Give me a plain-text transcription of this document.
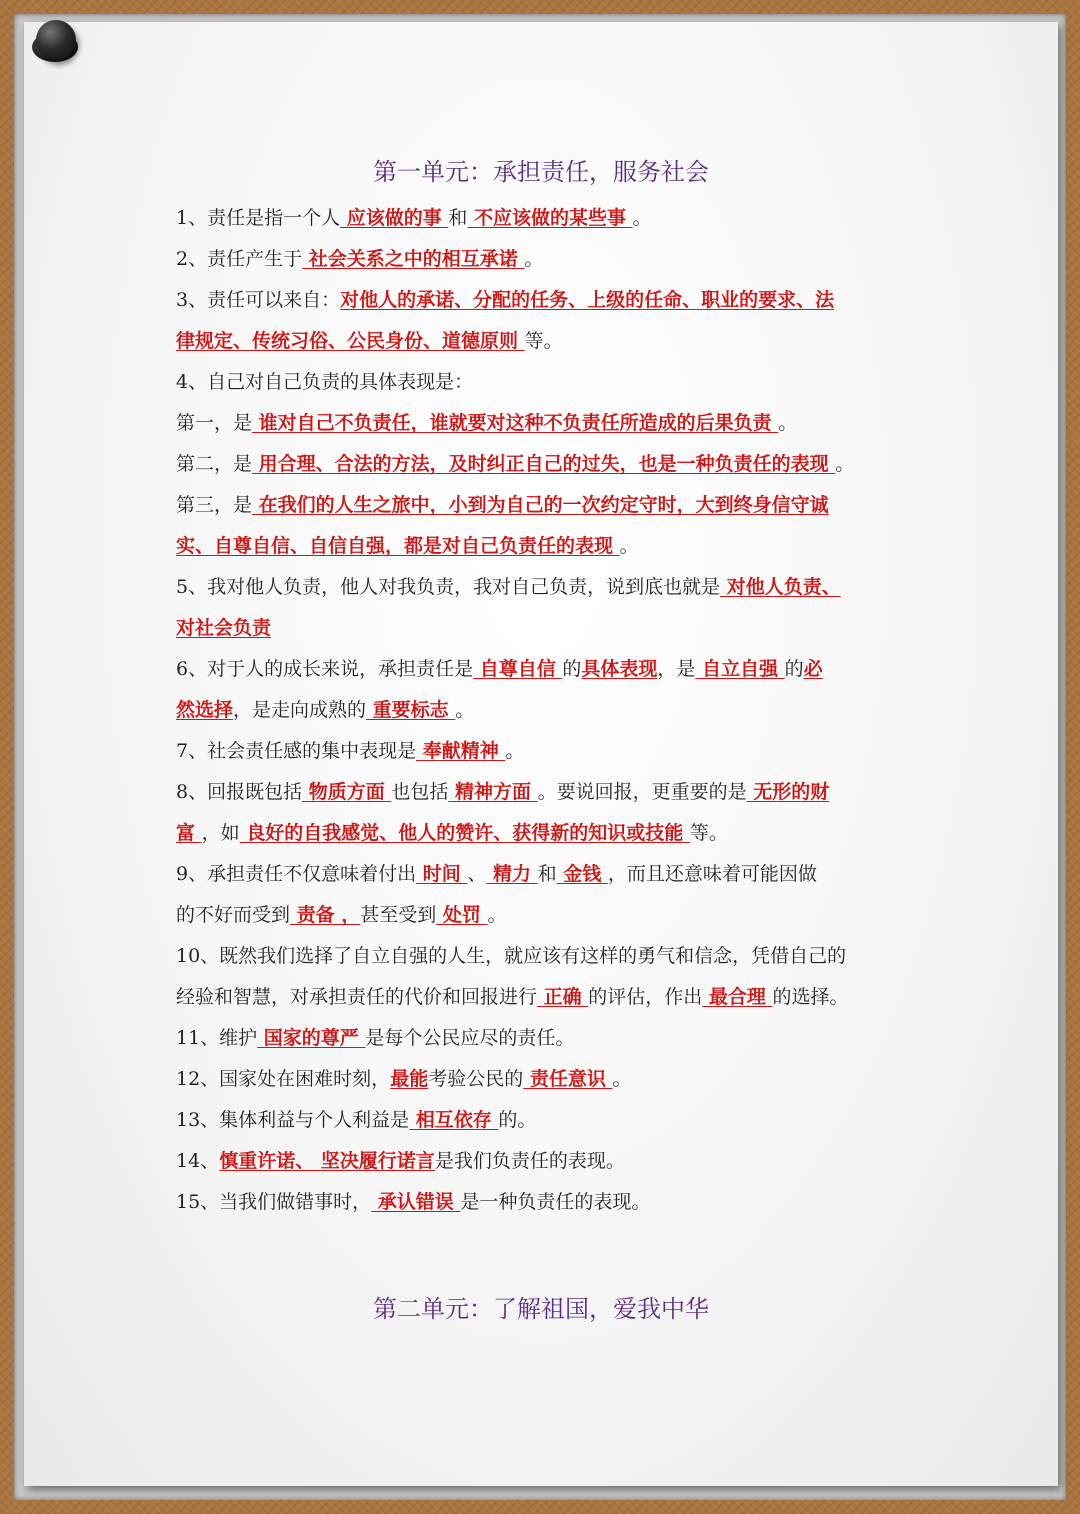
第一单元：承担责任，服务社会
1、责任是指一个人 应该做的事 和 不应该做的某些事 。
2、责任产生于 社会关系之中的相互承诺 。
3、责任可以来自：对他人的承诺、分配的任务、上级的任命、职业的要求、法
律规定、传统习俗、公民身份、道德原则 等。
4、自己对自己负责的具体表现是：
第一，是 谁对自己不负责任，谁就要对这种不负责任所造成的后果负责 。
第二，是 用合理、合法的方法，及时纠正自己的过失，也是一种负责任的表现 。
第三，是 在我们的人生之旅中，小到为自己的一次约定守时，大到终身信守诚
实、自尊自信、自信自强，都是对自己负责任的表现 。
5、我对他人负责，他人对我负责，我对自己负责，说到底也就是 对他人负责、
对社会负责
6、对于人的成长来说，承担责任是 自尊自信 的具体表现，是 自立自强 的必
然选择，是走向成熟的 重要标志 。
7、社会责任感的集中表现是 奉献精神 。
8、回报既包括 物质方面 也包括 精神方面 。要说回报，更重要的是 无形的财
富 ，如 良好的自我感觉、他人的赞许、获得新的知识或技能 等。
9、承担责任不仅意味着付出 时间 、 精力 和 金钱 ，而且还意味着可能因做
的不好而受到 责备 ，甚至受到 处罚 。
10、既然我们选择了自立自强的人生，就应该有这样的勇气和信念，凭借自己的
经验和智慧，对承担责任的代价和回报进行 正确 的评估，作出 最合理 的选择。
11、维护 国家的尊严 是每个公民应尽的责任。
12、国家处在困难时刻，最能考验公民的 责任意识 。
13、集体利益与个人利益是 相互依存 的。
14、慎重许诺、 坚决履行诺言是我们负责任的表现。
15、当我们做错事时， 承认错误 是一种负责任的表现。
第二单元：了解祖国，爱我中华
